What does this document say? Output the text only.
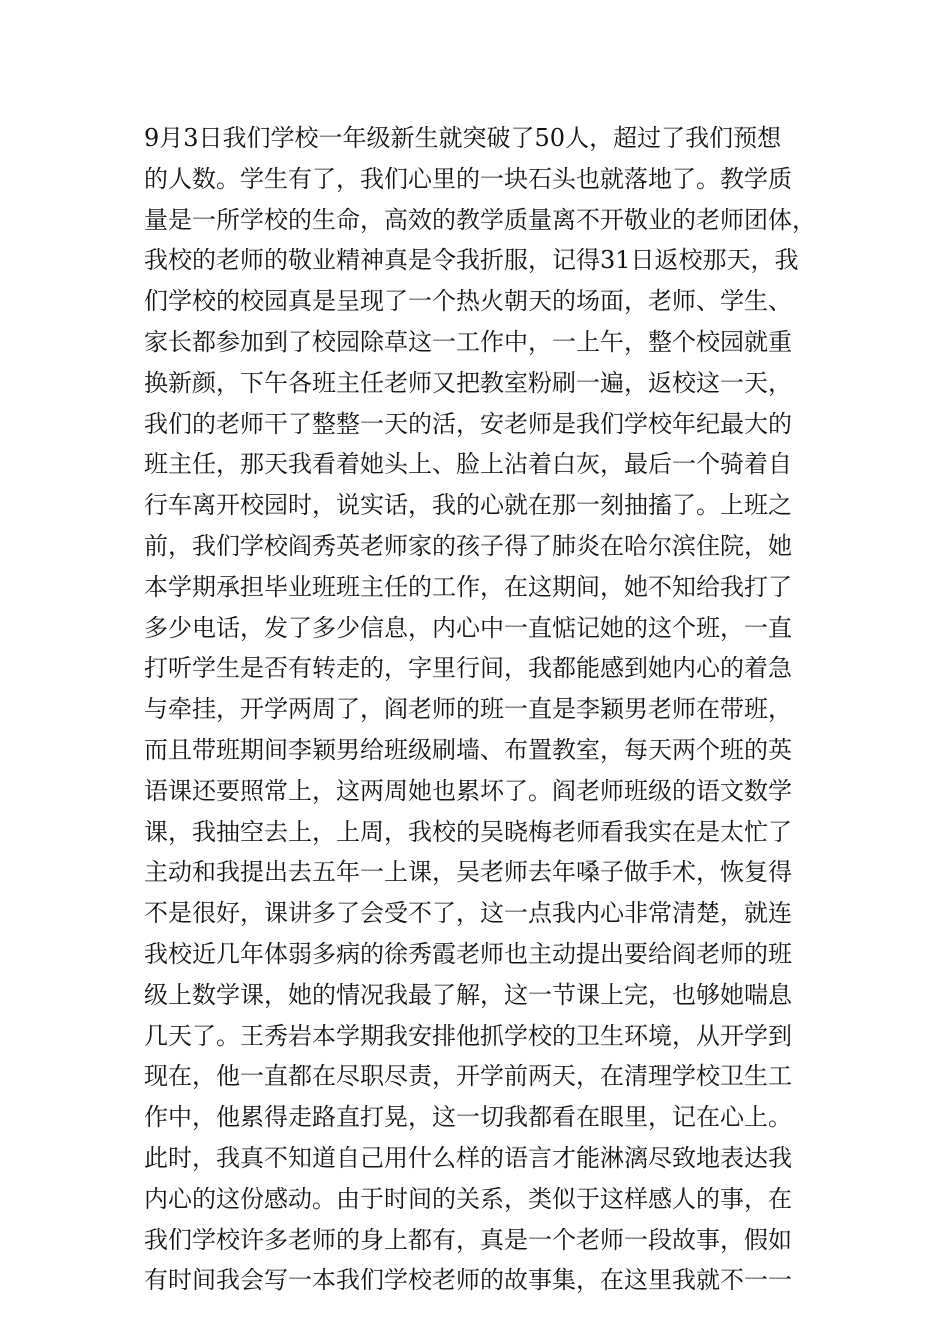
9月3日我们学校一年级新生就突破了50人，超过了我们预想
的人数。学生有了，我们心里的一块石头也就落地了。教学质
量是一所学校的生命，高效的教学质量离不开敬业的老师团体，
我校的老师的敬业精神真是令我折服，记得31日返校那天，我
们学校的校园真是呈现了一个热火朝天的场面，老师、学生、
家长都参加到了校园除草这一工作中，一上午，整个校园就重
换新颜，下午各班主任老师又把教室粉刷一遍，返校这一天，
我们的老师干了整整一天的活，安老师是我们学校年纪最大的
班主任，那天我看着她头上、脸上沾着白灰，最后一个骑着自
行车离开校园时，说实话，我的心就在那一刻抽搐了。上班之
前，我们学校阎秀英老师家的孩子得了肺炎在哈尔滨住院，她
本学期承担毕业班班主任的工作，在这期间，她不知给我打了
多少电话，发了多少信息，内心中一直惦记她的这个班，一直
打听学生是否有转走的，字里行间，我都能感到她内心的着急
与牵挂，开学两周了，阎老师的班一直是李颖男老师在带班，
而且带班期间李颖男给班级刷墙、布置教室，每天两个班的英
语课还要照常上，这两周她也累坏了。阎老师班级的语文数学
课，我抽空去上，上周，我校的吴晓梅老师看我实在是太忙了
主动和我提出去五年一上课，吴老师去年嗓子做手术，恢复得
不是很好，课讲多了会受不了，这一点我内心非常清楚，就连
我校近几年体弱多病的徐秀霞老师也主动提出要给阎老师的班
级上数学课，她的情况我最了解，这一节课上完，也够她喘息
几天了。王秀岩本学期我安排他抓学校的卫生环境，从开学到
现在，他一直都在尽职尽责，开学前两天，在清理学校卫生工
作中，他累得走路直打晃，这一切我都看在眼里，记在心上。
此时，我真不知道自己用什么样的语言才能淋漓尽致地表达我
内心的这份感动。由于时间的关系，类似于这样感人的事，在
我们学校许多老师的身上都有，真是一个老师一段故事，假如
有时间我会写一本我们学校老师的故事集，在这里我就不一一
